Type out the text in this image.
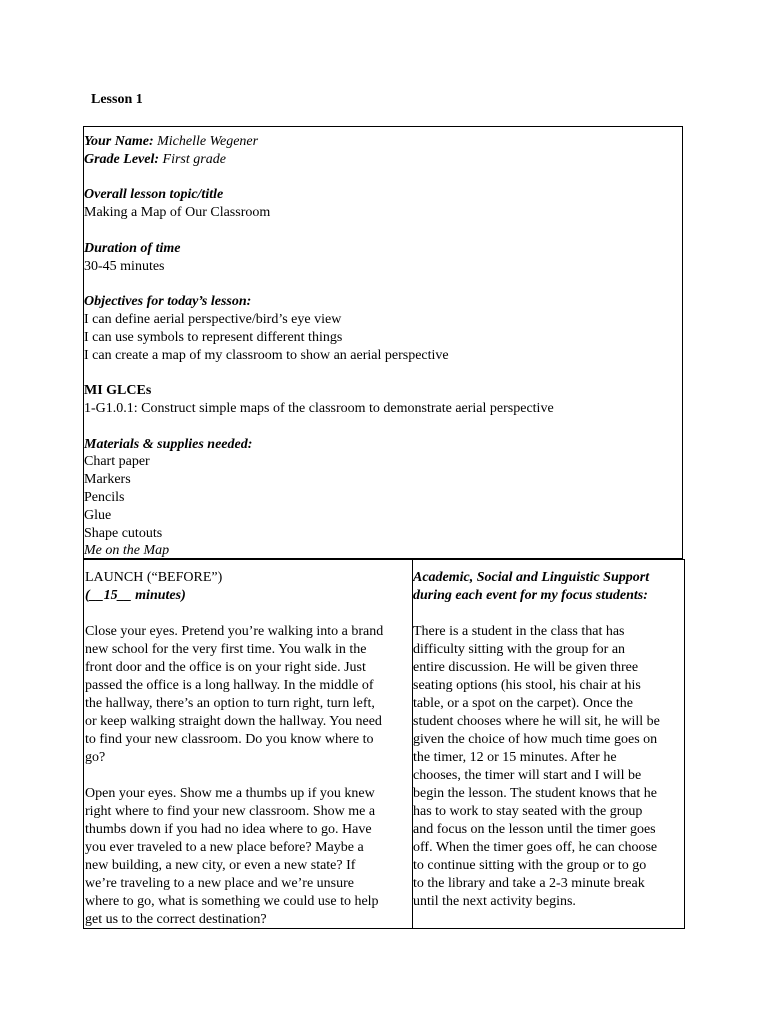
Lesson 1
Your Name: Michelle Wegener
Grade Level: First grade
Overall lesson topic/title
Making a Map of Our Classroom
Duration of time
30-45 minutes
Objectives for today’s lesson:
I can define aerial perspective/bird’s eye view
I can use symbols to represent different things
I can create a map of my classroom to show an aerial perspective
MI GLCEs
1-G1.0.1: Construct simple maps of the classroom to demonstrate aerial perspective
Materials & supplies needed:
Chart paper
Markers
Pencils
Glue
Shape cutouts
Me on the Map
LAUNCH (“BEFORE”)
(__15__ minutes)
Close your eyes. Pretend you’re walking into a brand
new school for the very first time. You walk in the
front door and the office is on your right side. Just
passed the office is a long hallway. In the middle of
the hallway, there’s an option to turn right, turn left,
or keep walking straight down the hallway. You need
to find your new classroom. Do you know where to
go?
Open your eyes. Show me a thumbs up if you knew
right where to find your new classroom. Show me a
thumbs down if you had no idea where to go. Have
you ever traveled to a new place before? Maybe a
new building, a new city, or even a new state? If
we’re traveling to a new place and we’re unsure
where to go, what is something we could use to help
get us to the correct destination?
Academic, Social and Linguistic Support
during each event for my focus students:
There is a student in the class that has
difficulty sitting with the group for an
entire discussion. He will be given three
seating options (his stool, his chair at his
table, or a spot on the carpet). Once the
student chooses where he will sit, he will be
given the choice of how much time goes on
the timer, 12 or 15 minutes. After he
chooses, the timer will start and I will be
begin the lesson. The student knows that he
has to work to stay seated with the group
and focus on the lesson until the timer goes
off. When the timer goes off, he can choose
to continue sitting with the group or to go
to the library and take a 2-3 minute break
until the next activity begins.
